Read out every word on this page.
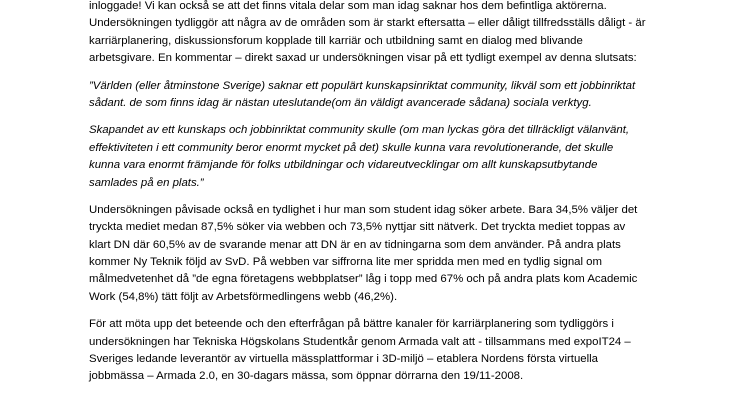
inloggade! Vi kan också se att det finns vitala delar som man idag saknar hos dem befintliga aktörerna.
Undersökningen tydliggör att några av de områden som är starkt eftersatta – eller dåligt tillfredsställs dåligt - är
karriärplanering, diskussionsforum kopplade till karriär och utbildning samt en dialog med blivande
arbetsgivare. En kommentar – direkt saxad ur undersökningen visar på ett tydligt exempel av denna slutsats:

”Världen (eller åtminstone Sverige) saknar ett populärt kunskapsinriktat community, likväl som ett jobbinriktat
sådant. de som finns idag är nästan uteslutande(om än väldigt avancerade sådana) sociala verktyg.

Skapandet av ett kunskaps och jobbinriktat community skulle (om man lyckas göra det tillräckligt välanvänt,
effektiviteten i ett community beror enormt mycket på det) skulle kunna vara revolutionerande, det skulle
kunna vara enormt främjande för folks utbildningar och vidareutvecklingar om allt kunskapsutbytande
samlades på en plats.”

Undersökningen påvisade också en tydlighet i hur man som student idag söker arbete. Bara 34,5% väljer det
tryckta mediet medan 87,5% söker via webben och 73,5% nyttjar sitt nätverk. Det tryckta mediet toppas av
klart DN där 60,5% av de svarande menar att DN är en av tidningarna som dem använder. På andra plats
kommer Ny Teknik följd av SvD. På webben var siffrorna lite mer spridda men med en tydlig signal om
målmedvetenhet då ”de egna företagens webbplatser” låg i topp med 67% och på andra plats kom Academic
Work (54,8%) tätt följt av Arbetsförmedlingens webb (46,2%).

För att möta upp det beteende och den efterfrågan på bättre kanaler för karriärplanering som tydliggörs i
undersökningen har Tekniska Högskolans Studentkår genom Armada valt att - tillsammans med expoIT24 –
Sveriges ledande leverantör av virtuella mässplattformar i 3D-miljö – etablera Nordens första virtuella
jobbmässa – Armada 2.0, en 30-dagars mässa, som öppnar dörrarna den 19/11-2008.
